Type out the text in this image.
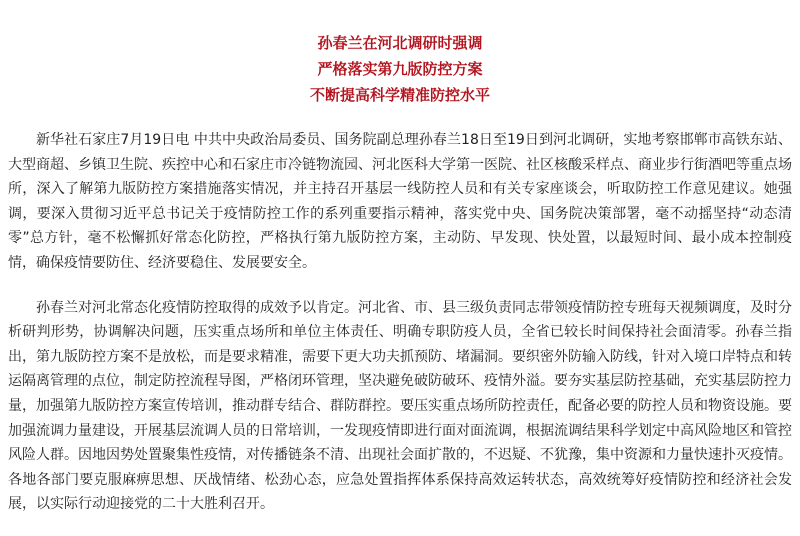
孙春兰在河北调研时强调
严格落实第九版防控方案
不断提高科学精准防控水平

新华社石家庄7月19日电 中共中央政治局委员、国务院副总理孙春兰18日至19日到河北调研，实地考察邯郸市高铁东站、大型商超、乡镇卫生院、疾控中心和石家庄市冷链物流园、河北医科大学第一医院、社区核酸采样点、商业步行街酒吧等重点场所，深入了解第九版防控方案措施落实情况，并主持召开基层一线防控人员和有关专家座谈会，听取防控工作意见建议。她强调，要深入贯彻习近平总书记关于疫情防控工作的系列重要指示精神，落实党中央、国务院决策部署，毫不动摇坚持“动态清零”总方针，毫不松懈抓好常态化防控，严格执行第九版防控方案，主动防、早发现、快处置，以最短时间、最小成本控制疫情，确保疫情要防住、经济要稳住、发展要安全。

孙春兰对河北常态化疫情防控取得的成效予以肯定。河北省、市、县三级负责同志带领疫情防控专班每天视频调度，及时分析研判形势，协调解决问题，压实重点场所和单位主体责任、明确专职防疫人员，全省已较长时间保持社会面清零。孙春兰指出，第九版防控方案不是放松，而是要求精准，需要下更大功夫抓预防、堵漏洞。要织密外防输入防线，针对入境口岸特点和转运隔离管理的点位，制定防控流程导图，严格闭环管理，坚决避免破防破环、疫情外溢。要夯实基层防控基础，充实基层防控力量，加强第九版防控方案宣传培训，推动群专结合、群防群控。要压实重点场所防控责任，配备必要的防控人员和物资设施。要加强流调力量建设，开展基层流调人员的日常培训，一发现疫情即进行面对面流调，根据流调结果科学划定中高风险地区和管控风险人群。因地因势处置聚集性疫情，对传播链条不清、出现社会面扩散的，不迟疑、不犹豫，集中资源和力量快速扑灭疫情。各地各部门要克服麻痹思想、厌战情绪、松劲心态，应急处置指挥体系保持高效运转状态，高效统筹好疫情防控和经济社会发展，以实际行动迎接党的二十大胜利召开。
